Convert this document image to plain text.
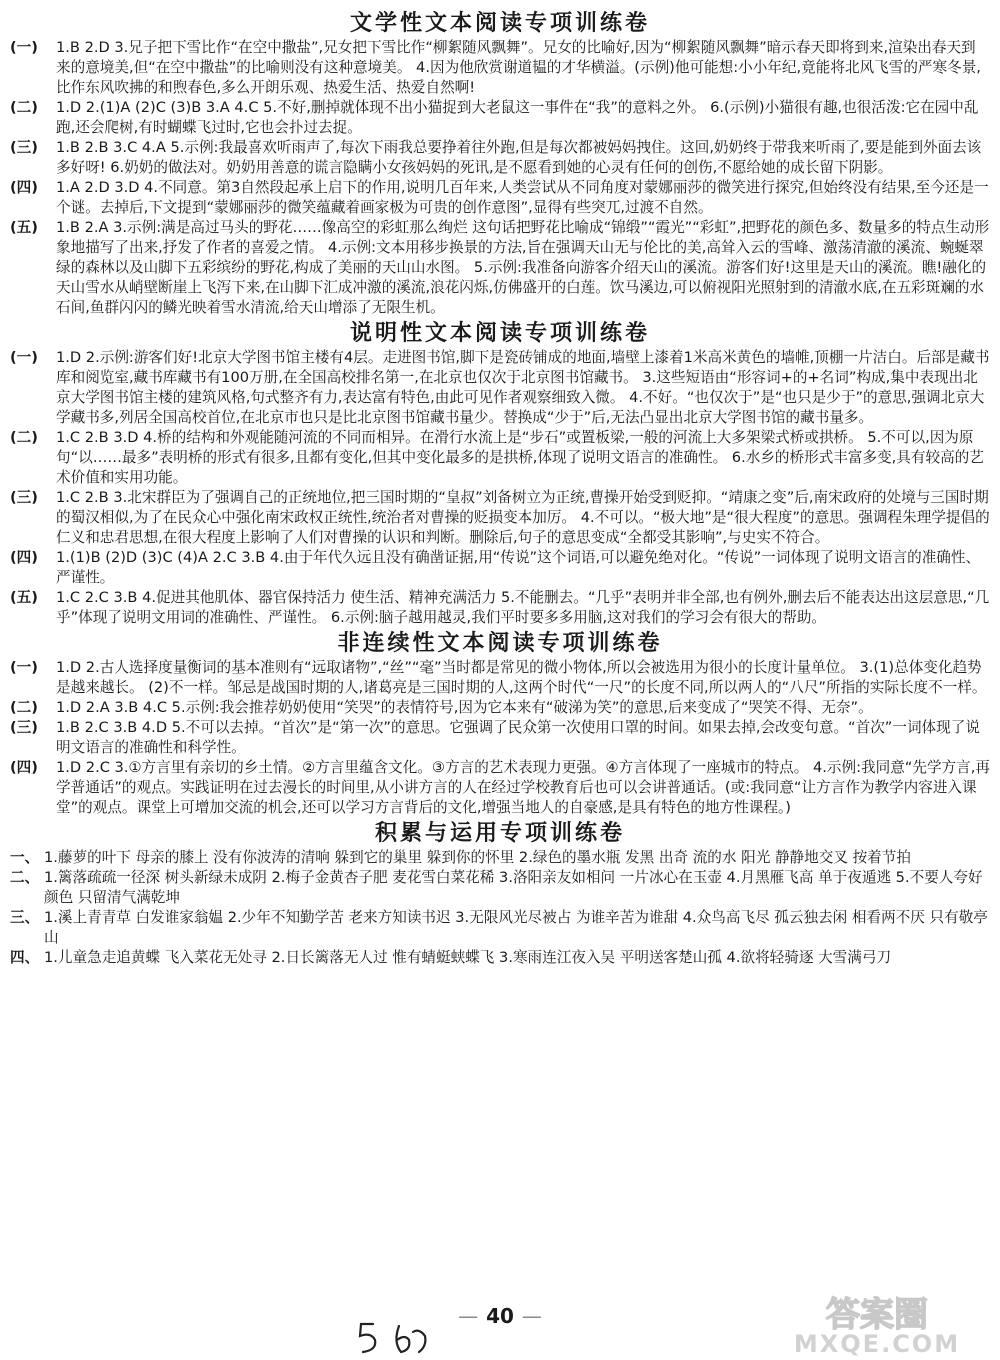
文学性文本阅读专项训练卷
(一)	1.B 2.D 3.兄子把下雪比作“在空中撒盐”,兄女把下雪比作“柳絮随风飘舞”。兄女的比喻好,因为“柳絮随风飘舞”暗示春天即将到来,渲染出春天到来的意境美,但“在空中撒盐”的比喻则没有这种意境美。 4.因为他欣赏谢道韫的才华横溢。(示例)他可能想:小小年纪,竟能将北风飞雪的严寒冬景,比作东风吹拂的和煦春色,多么开朗乐观、热爱生活、热爱自然啊!

(二)	1.D 2.(1)A (2)C (3)B 3.A 4.C 5.不好,删掉就体现不出小猫捉到大老鼠这一事件在“我”的意料之外。 6.(示例)小猫很有趣,也很活泼:它在园中乱跑,还会爬树,有时蝴蝶飞过时,它也会扑过去捉。

(三)	1.B 2.B 3.C 4.A 5.示例:我最喜欢听雨声了,每次下雨我总要挣着往外跑,但是每次都被妈妈拽住。这回,奶奶终于带我来听雨了,要是能到外面去该多好呀! 6.奶奶的做法对。奶奶用善意的谎言隐瞒小女孩妈妈的死讯,是不愿看到她的心灵有任何的创伤,不愿给她的成长留下阴影。

(四)	1.A 2.D 3.D 4.不同意。第3自然段起承上启下的作用,说明几百年来,人类尝试从不同角度对蒙娜丽莎的微笑进行探究,但始终没有结果,至今还是一个谜。去掉后,下文提到“蒙娜丽莎的微笑蕴藏着画家极为可贵的创作意图”,显得有些突兀,过渡不自然。

(五)	1.B 2.A 3.示例:满是高过马头的野花……像高空的彩虹那么绚烂 这句话把野花比喻成“锦缎”“霞光”“彩虹”,把野花的颜色多、数量多的特点生动形象地描写了出来,抒发了作者的喜爱之情。 4.示例:文本用移步换景的方法,旨在强调天山无与伦比的美,高耸入云的雪峰、激荡清澈的溪流、蜿蜒翠绿的森林以及山脚下五彩缤纷的野花,构成了美丽的天山山水图。 5.示例:我准备向游客介绍天山的溪流。游客们好!这里是天山的溪流。瞧!融化的天山雪水从峭壁断崖上飞泻下来,在山脚下汇成冲激的溪流,浪花闪烁,仿佛盛开的白莲。饮马溪边,可以俯视阳光照射到的清澈水底,在五彩斑斓的水石间,鱼群闪闪的鳞光映着雪水清流,给天山增添了无限生机。

说明性文本阅读专项训练卷
(一)	1.D 2.示例:游客们好!北京大学图书馆主楼有4层。走进图书馆,脚下是瓷砖铺成的地面,墙壁上漆着1米高米黄色的墙帷,顶棚一片洁白。后部是藏书库和阅览室,藏书库藏书有100万册,在全国高校排名第一,在北京也仅次于北京图书馆藏书。 3.这些短语由“形容词+的+名词”构成,集中表现出北京大学图书馆主楼的建筑风格,句式整齐有力,表达富有特色,由此可见作者观察细致入微。 4.不好。“也仅次于”是“也只是少于”的意思,强调北京大学藏书多,列居全国高校首位,在北京市也只是比北京图书馆藏书量少。替换成“少于”后,无法凸显出北京大学图书馆的藏书量多。

(二)	1.C 2.B 3.D 4.桥的结构和外观能随河流的不同而相异。在滑行水流上是“步石”或置板梁,一般的河流上大多架梁式桥或拱桥。 5.不可以,因为原句“以……最多”表明桥的形式有很多,且都有变化,但其中变化最多的是拱桥,体现了说明文语言的准确性。 6.水乡的桥形式丰富多变,具有较高的艺术价值和实用功能。

(三)	1.C 2.B 3.北宋群臣为了强调自己的正统地位,把三国时期的“皇叔”刘备树立为正统,曹操开始受到贬抑。“靖康之变”后,南宋政府的处境与三国时期的蜀汉相似,为了在民众心中强化南宋政权正统性,统治者对曹操的贬损变本加厉。 4.不可以。“极大地”是“很大程度”的意思。强调程朱理学提倡的仁义和忠君思想,在很大程度上影响了人们对曹操的认识和判断。删除后,句子的意思变成“全都受其影响”,与史实不符合。

(四)	1.(1)B (2)D (3)C (4)A 2.C 3.B 4.由于年代久远且没有确凿证据,用“传说”这个词语,可以避免绝对化。“传说”一词体现了说明文语言的准确性、严谨性。

(五)	1.C 2.C 3.B 4.促进其他肌体、器官保持活力 使生活、精神充满活力 5.不能删去。“几乎”表明并非全部,也有例外,删去后不能表达出这层意思,“几乎”体现了说明文用词的准确性、严谨性。 6.示例:脑子越用越灵,我们平时要多多用脑,这对我们的学习会有很大的帮助。

非连续性文本阅读专项训练卷
(一)	1.D 2.古人选择度量衡词的基本准则有“远取诸物”,“丝”“毫”当时都是常见的微小物体,所以会被选用为很小的长度计量单位。 3.(1)总体变化趋势是越来越长。 (2)不一样。邹忌是战国时期的人,诸葛亮是三国时期的人,这两个时代“一尺”的长度不同,所以两人的“八尺”所指的实际长度不一样。

(二)	1.D 2.A 3.B 4.C 5.示例:我会推荐奶奶使用“笑哭”的表情符号,因为它本来有“破涕为笑”的意思,后来变成了“哭笑不得、无奈”。

(三)	1.B 2.C 3.B 4.D 5.不可以去掉。“首次”是“第一次”的意思。它强调了民众第一次使用口罩的时间。如果去掉,会改变句意。“首次”一词体现了说明文语言的准确性和科学性。

(四)	1.D 2.C 3.①方言里有亲切的乡土情。②方言里蕴含文化。③方言的艺术表现力更强。④方言体现了一座城市的特点。 4.示例:我同意“先学方言,再学普通话”的观点。实践证明在过去漫长的时间里,从小讲方言的人在经过学校教育后也可以会讲普通话。(或:我同意“让方言作为教学内容进入课堂”的观点。课堂上可增加交流的机会,还可以学习方言背后的文化,增强当地人的自豪感,是具有特色的地方性课程。)

积累与运用专项训练卷
一、 1.藤萝的叶下 母亲的膝上 没有你波涛的清响 躲到它的巢里 躲到你的怀里 2.绿色的墨水瓶 发黑 出奇 流的水 阳光 静静地交叉 按着节拍

二、 1.篱落疏疏一径深 树头新绿未成阴 2.梅子金黄杏子肥 麦花雪白菜花稀 3.洛阳亲友如相问 一片冰心在玉壶 4.月黑雁飞高 单于夜遁逃 5.不要人夸好颜色 只留清气满乾坤

三、 1.溪上青青草 白发谁家翁媪 2.少年不知勤学苦 老来方知读书迟 3.无限风光尽被占 为谁辛苦为谁甜 4.众鸟高飞尽 孤云独去闲 相看两不厌 只有敬亭山

四、 1.儿童急走追黄蝶 飞入菜花无处寻 2.日长篱落无人过 惟有蜻蜓蛱蝶飞 3.寒雨连江夜入吴 平明送客楚山孤 4.欲将轻骑逐 大雪满弓刀

— 40 —	答案圈
MXQE.COM
